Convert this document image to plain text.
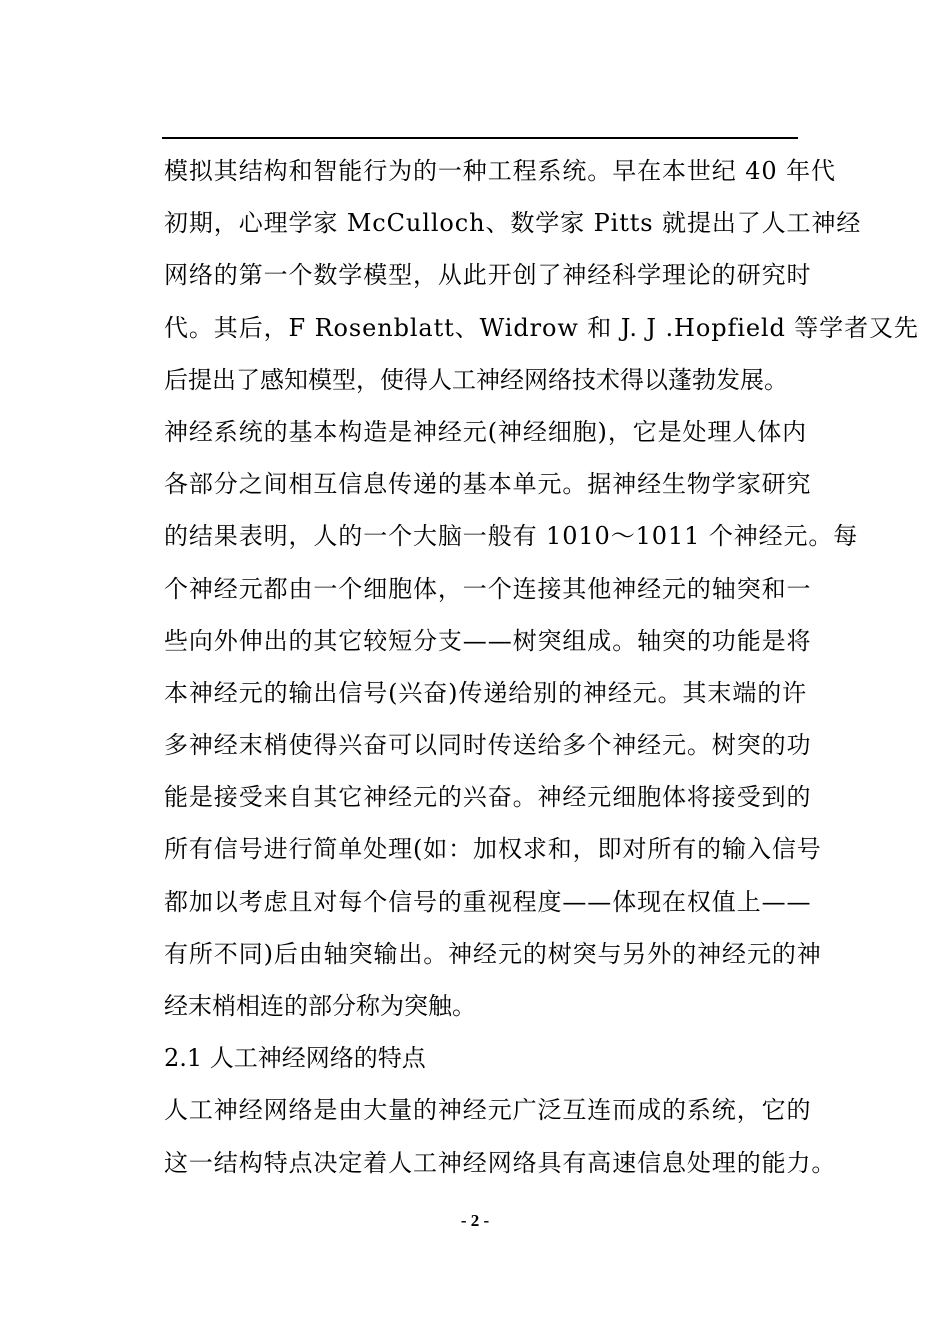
模拟其结构和智能行为的一种工程系统。早在本世纪 40 年代
初期，心理学家 McCulloch、数学家 Pitts 就提出了人工神经
网络的第一个数学模型，从此开创了神经科学理论的研究时
代。其后，F Rosenblatt、Widrow 和 J. J .Hopfield 等学者又先
后提出了感知模型，使得人工神经网络技术得以蓬勃发展。
神经系统的基本构造是神经元(神经细胞)，它是处理人体内
各部分之间相互信息传递的基本单元。据神经生物学家研究
的结果表明，人的一个大脑一般有 1010～1011 个神经元。每
个神经元都由一个细胞体，一个连接其他神经元的轴突和一
些向外伸出的其它较短分支——树突组成。轴突的功能是将
本神经元的输出信号(兴奋)传递给别的神经元。其末端的许
多神经末梢使得兴奋可以同时传送给多个神经元。树突的功
能是接受来自其它神经元的兴奋。神经元细胞体将接受到的
所有信号进行简单处理(如：加权求和，即对所有的输入信号
都加以考虑且对每个信号的重视程度——体现在权值上——
有所不同)后由轴突输出。神经元的树突与另外的神经元的神
经末梢相连的部分称为突触。
2.1 人工神经网络的特点
人工神经网络是由大量的神经元广泛互连而成的系统，它的
这一结构特点决定着人工神经网络具有高速信息处理的能力。
- 2 -
